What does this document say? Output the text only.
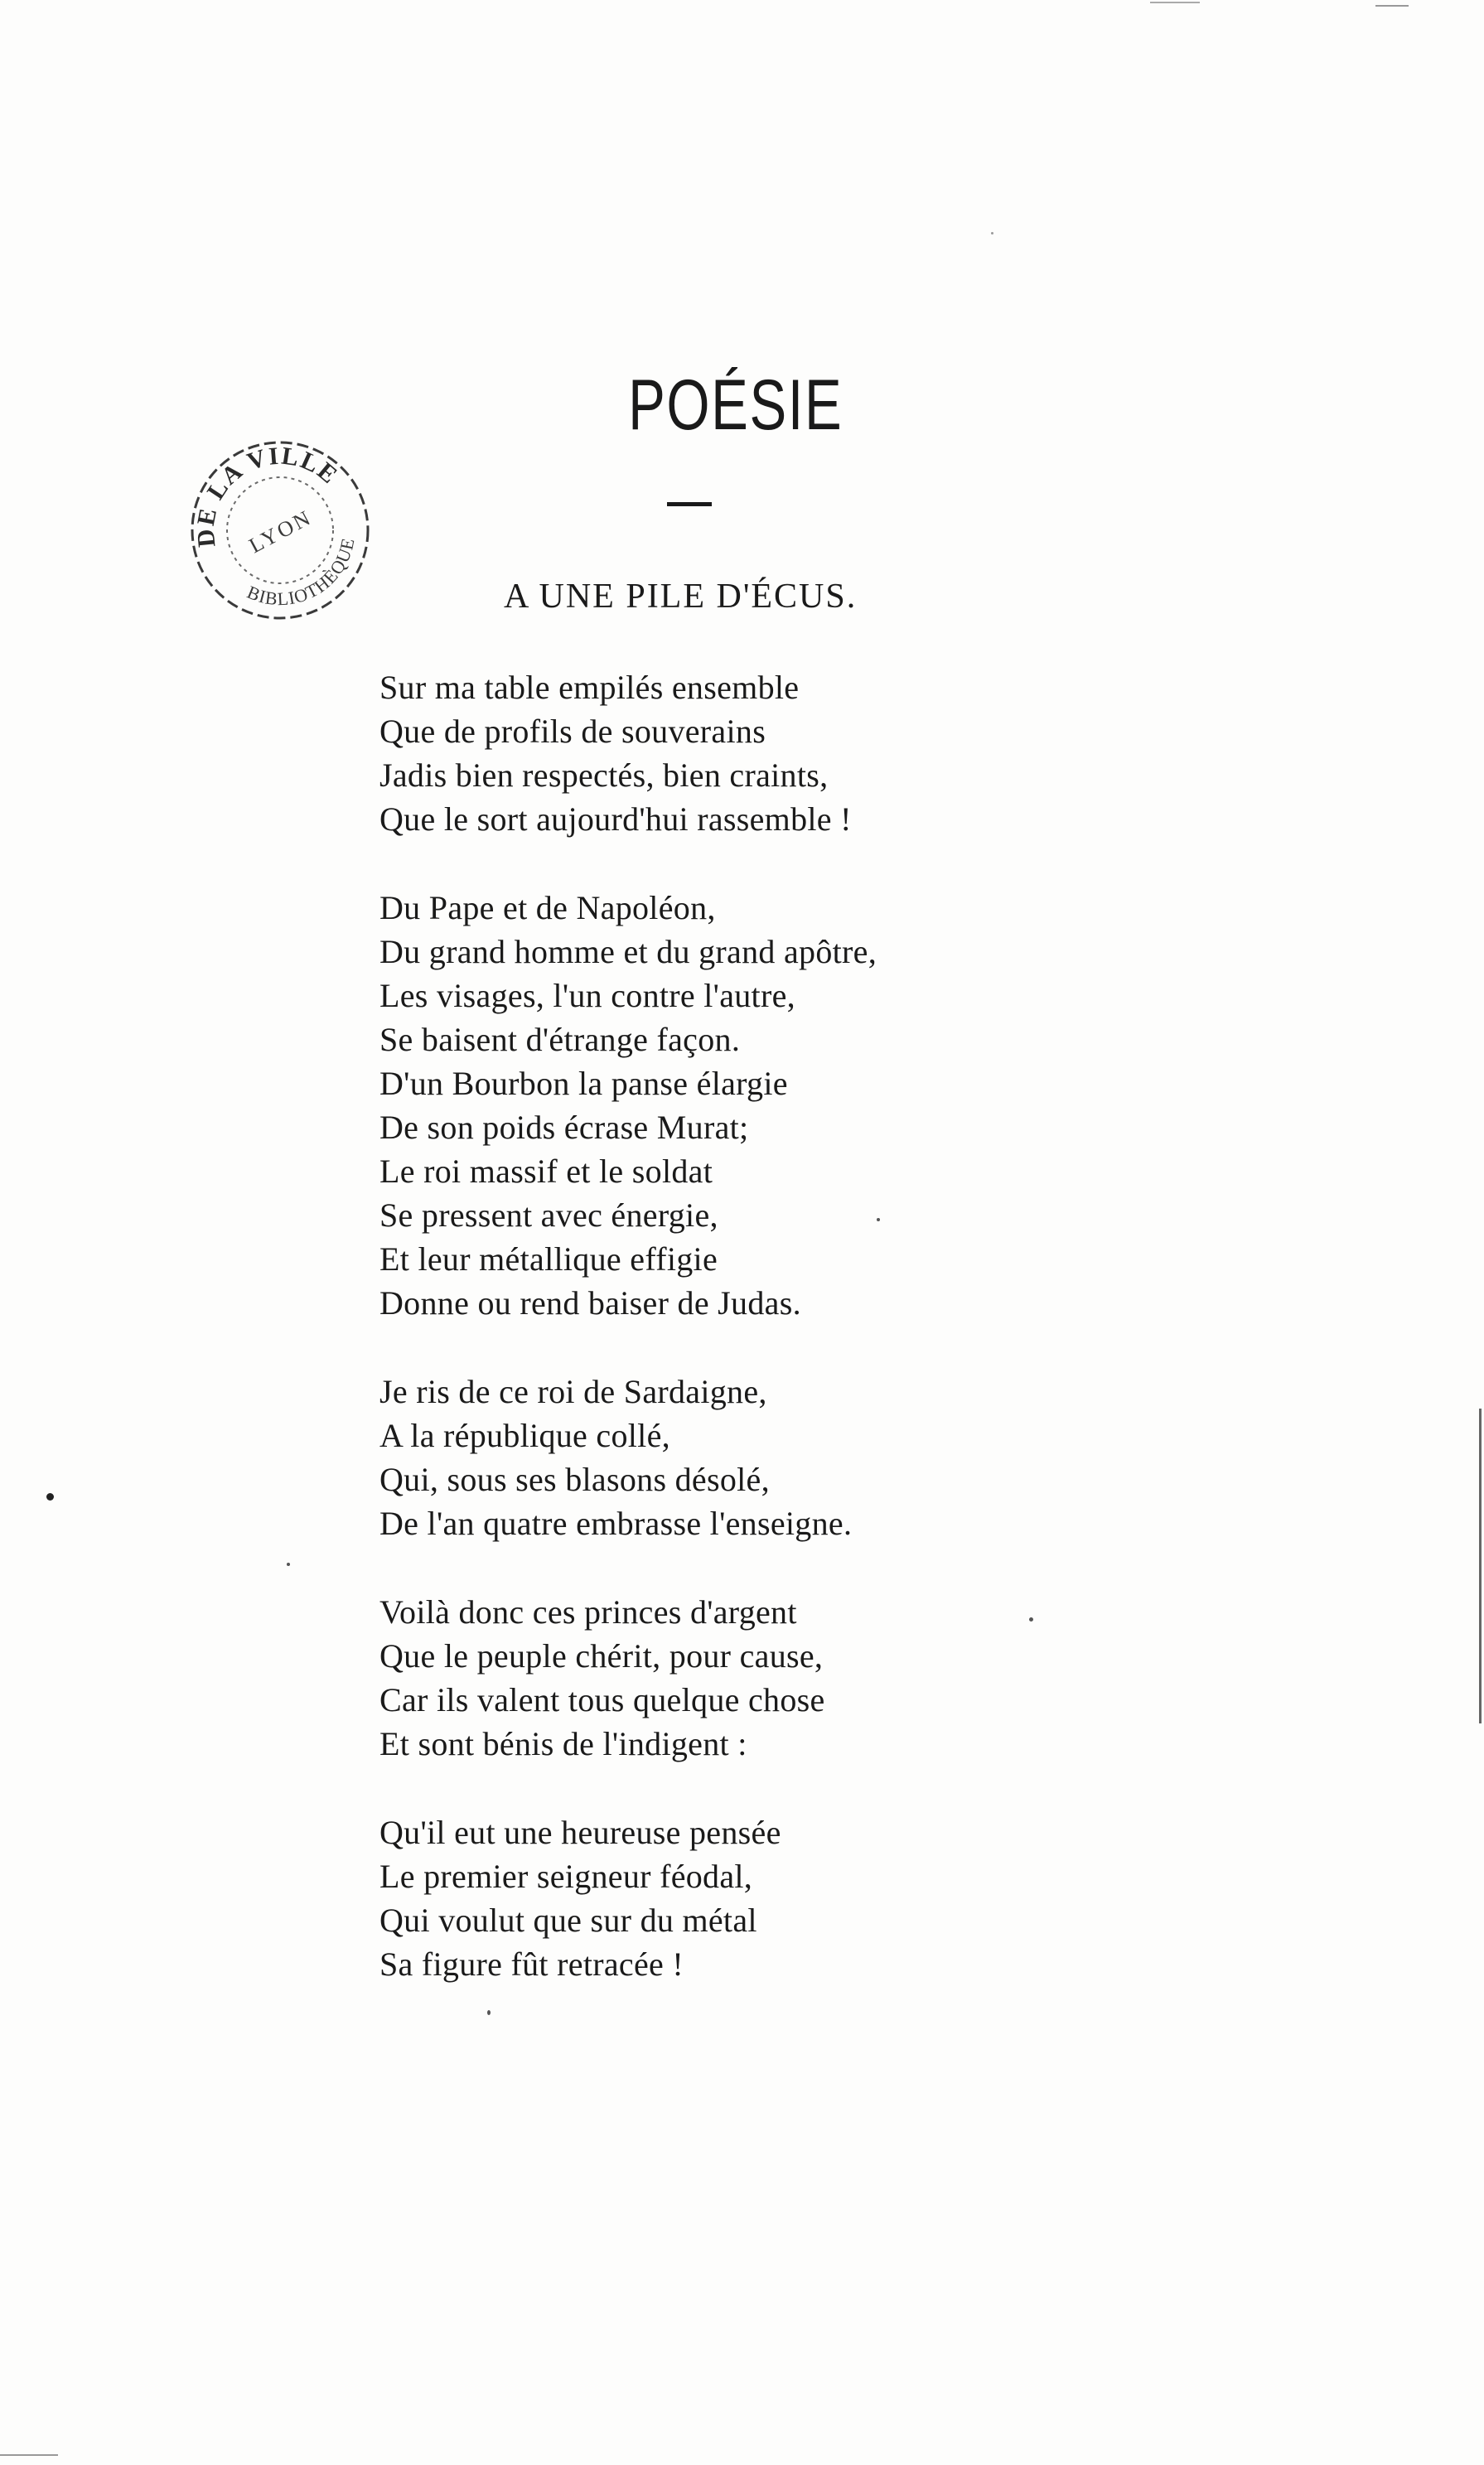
DE LA VILLE
BIBLIOTHÈQUE
LYON
POÉSIE
A UNE PILE D'ÉCUS.
Sur ma table empilés ensemble
Que de profils de souverains
Jadis bien respectés, bien craints,
Que le sort aujourd'hui rassemble !
Du Pape et de Napoléon,
Du grand homme et du grand apôtre,
Les visages, l'un contre l'autre,
Se baisent d'étrange façon.
D'un Bourbon la panse élargie
De son poids écrase Murat;
Le roi massif et le soldat
Se pressent avec énergie,
Et leur métallique effigie
Donne ou rend baiser de Judas.
Je ris de ce roi de Sardaigne,
A la république collé,
Qui, sous ses blasons désolé,
De l'an quatre embrasse l'enseigne.
Voilà donc ces princes d'argent
Que le peuple chérit, pour cause,
Car ils valent tous quelque chose
Et sont bénis de l'indigent :
Qu'il eut une heureuse pensée
Le premier seigneur féodal,
Qui voulut que sur du métal
Sa figure fût retracée !
